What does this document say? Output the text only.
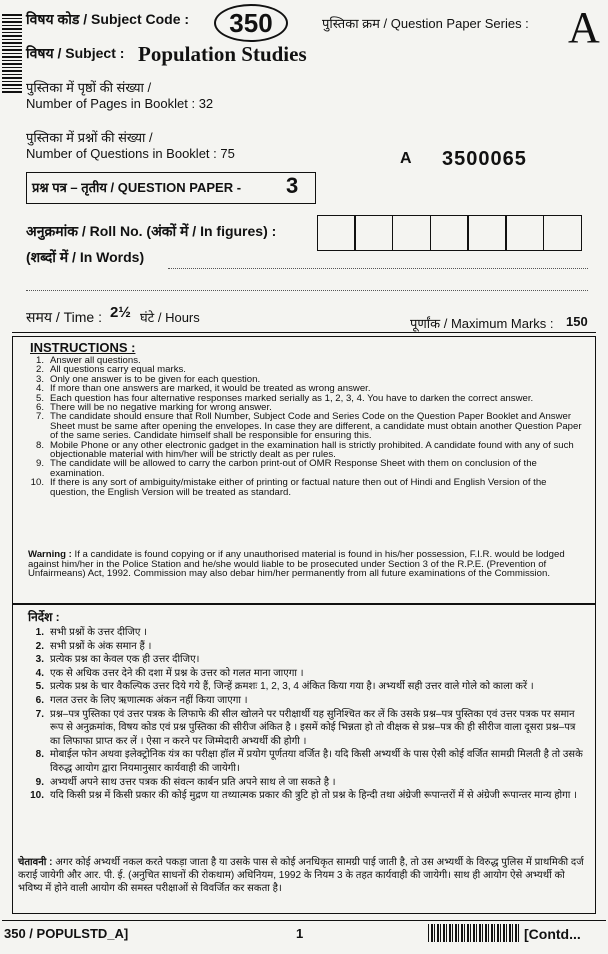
विषय कोड / Subject Code :	350	पुस्तिका क्रम / Question Paper Series : A
विषय / Subject : Population Studies
पुस्तिका में पृष्ठों की संख्या /
Number of Pages in Booklet : 32
पुस्तिका में प्रश्नों की संख्या /
Number of Questions in Booklet : 75	A 3500065
प्रश्न पत्र – तृतीय / QUESTION PAPER - 3
अनुक्रमांक / Roll No. (अंकों में / In figures) :
(शब्दों में / In Words)
समय / Time : 2½ घंटे / Hours	पूर्णांक / Maximum Marks : 150
INSTRUCTIONS :
1. Answer all questions.
2. All questions carry equal marks.
3. Only one answer is to be given for each question.
4. If more than one answers are marked, it would be treated as wrong answer.
5. Each question has four alternative responses marked serially as 1, 2, 3, 4. You have to darken the correct answer.
6. There will be no negative marking for wrong answer.
7. The candidate should ensure that Roll Number, Subject Code and Series Code on the Question Paper Booklet and Answer Sheet must be same after opening the envelopes. In case they are different, a candidate must obtain another Question Paper of the same series. Candidate himself shall be responsible for ensuring this.
8. Mobile Phone or any other electronic gadget in the examination hall is strictly prohibited. A candidate found with any of such objectionable material with him/her will be strictly dealt as per rules.
9. The candidate will be allowed to carry the carbon print-out of OMR Response Sheet with them on conclusion of the examination.
10. If there is any sort of ambiguity/mistake either of printing or factual nature then out of Hindi and English Version of the question, the English Version will be treated as standard.
Warning : If a candidate is found copying or if any unauthorised material is found in his/her possession, F.I.R. would be lodged against him/her in the Police Station and he/she would liable to be prosecuted under Section 3 of the R.P.E. (Prevention of Unfairmeans) Act, 1992. Commission may also debar him/her permanently from all future examinations of the Commission.
निर्देश :
1. सभी प्रश्नों के उत्तर दीजिए ।
2. सभी प्रश्नों के अंक समान हैं ।
3. प्रत्येक प्रश्न का केवल एक ही उत्तर दीजिए।
4. एक से अधिक उत्तर देने की दशा में प्रश्न के उत्तर को गलत माना जाएगा ।
5. प्रत्येक प्रश्न के चार वैकल्पिक उत्तर दिये गये हैं, जिन्हें क्रमशः 1, 2, 3, 4 अंकित किया गया है। अभ्यर्थी सही उत्तर वाले गोले को काला करें ।
6. गलत उत्तर के लिए ऋणात्मक अंकन नहीं किया जाएगा ।
7. प्रश्न–पत्र पुस्तिका एवं उत्तर पत्रक के लिफाफे की सील खोलने पर परीक्षार्थी यह सुनिश्चित कर लें कि उसके प्रश्न–पत्र पुस्तिका एवं उत्तर पत्रक पर समान रूप से अनुक्रमांक, विषय कोड एवं प्रश्न पुस्तिका की सीरीज अंकित है । इसमें कोई भिन्नता हो तो वीक्षक से प्रश्न–पत्र की ही सीरीज वाला दूसरा प्रश्न–पत्र का लिफाफा प्राप्त कर लें । ऐसा न करने पर जिम्मेदारी अभ्यर्थी की होगी ।
8. मोबाईल फोन अथवा इलेक्ट्रोनिक यंत्र का परीक्षा हॉल में प्रयोग पूर्णतया वर्जित है। यदि किसी अभ्यर्थी के पास ऐसी कोई वर्जित सामग्री मिलती है तो उसके विरुद्ध आयोग द्वारा नियमानुसार कार्यवाही की जायेगी।
9. अभ्यर्थी अपने साथ उत्तर पत्रक की संवत्न कार्बन प्रति अपने साथ ले जा सकते है ।
10. यदि किसी प्रश्न में किसी प्रकार की कोई मुद्रण या तथ्यात्मक प्रकार की त्रुटि हो तो प्रश्न के हिन्दी तथा अंग्रेजी रूपान्तरों में से अंग्रेजी रूपान्तर मान्य होगा ।
चेतावनी : अगर कोई अभ्यर्थी नकल करते पकड़ा जाता है या उसके पास से कोई अनधिकृत सामग्री पाई जाती है, तो उस अभ्यर्थी के विरुद्ध पुलिस में प्राथमिकी दर्ज कराई जायेगी और आर. पी. ई. (अनुचित साधनों की रोकथाम) अधिनियम, 1992 के नियम 3 के तहत कार्यवाही की जायेगी। साथ ही आयोग ऐसे अभ्यर्थी को भविष्य में होने वाली आयोग की समस्त परीक्षाओं से विवर्जित कर सकता है।
350 / POPULSTD_A]	1	[Contd...
